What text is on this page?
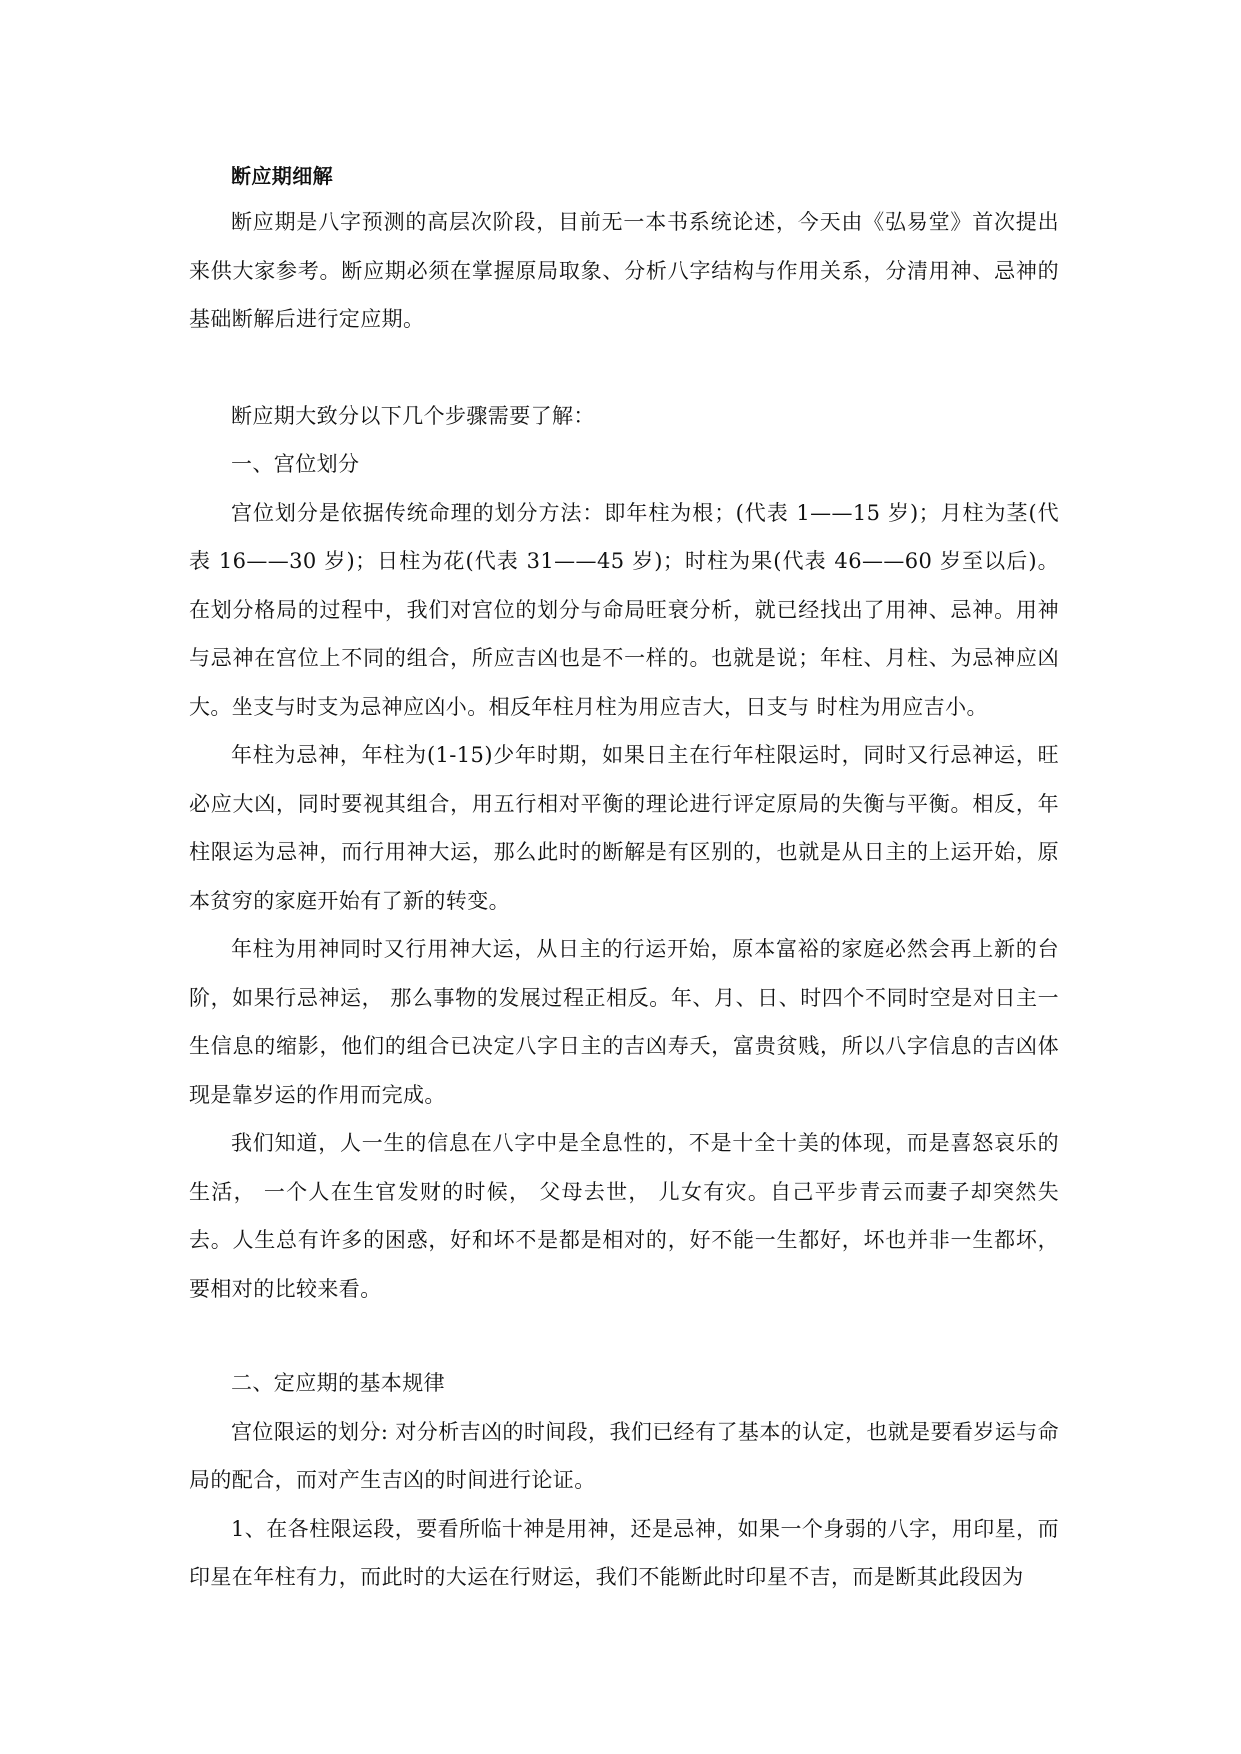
断应期细解

断应期是八字预测的高层次阶段，目前无一本书系统论述，今天由《弘易堂》首次提出来供大家参考。断应期必须在掌握原局取象、分析八字结构与作用关系，分清用神、忌神的基础断解后进行定应期。

断应期大致分以下几个步骤需要了解：

一、宫位划分

宫位划分是依据传统命理的划分方法：即年柱为根；(代表 1——15 岁)；月柱为茎(代表 16——30 岁)；日柱为花(代表 31——45 岁)；时柱为果(代表 46——60 岁至以后)。在划分格局的过程中，我们对宫位的划分与命局旺衰分析，就已经找出了用神、忌神。用神与忌神在宫位上不同的组合，所应吉凶也是不一样的。也就是说；年柱、月柱、为忌神应凶大。坐支与时支为忌神应凶小。相反年柱月柱为用应吉大，日支与 时柱为用应吉小。

年柱为忌神，年柱为(1-15)少年时期，如果日主在行年柱限运时，同时又行忌神运，旺必应大凶，同时要视其组合，用五行相对平衡的理论进行评定原局的失衡与平衡。相反，年柱限运为忌神，而行用神大运，那么此时的断解是有区别的，也就是从日主的上运开始，原本贫穷的家庭开始有了新的转变。

年柱为用神同时又行用神大运，从日主的行运开始，原本富裕的家庭必然会再上新的台阶，如果行忌神运， 那么事物的发展过程正相反。年、月、日、时四个不同时空是对日主一生信息的缩影，他们的组合已决定八字日主的吉凶寿夭，富贵贫贱，所以八字信息的吉凶体现是靠岁运的作用而完成。

我们知道，人一生的信息在八字中是全息性的，不是十全十美的体现，而是喜怒哀乐的生活， 一个人在生官发财的时候， 父母去世， 儿女有灾。自己平步青云而妻子却突然失去。人生总有许多的困惑，好和坏不是都是相对的，好不能一生都好，坏也并非一生都坏，要相对的比较来看。

二、定应期的基本规律

宫位限运的划分: 对分析吉凶的时间段，我们已经有了基本的认定，也就是要看岁运与命局的配合，而对产生吉凶的时间进行论证。

1、在各柱限运段，要看所临十神是用神，还是忌神，如果一个身弱的八字，用印星，而印星在年柱有力，而此时的大运在行财运，我们不能断此时印星不吉，而是断其此段因为
